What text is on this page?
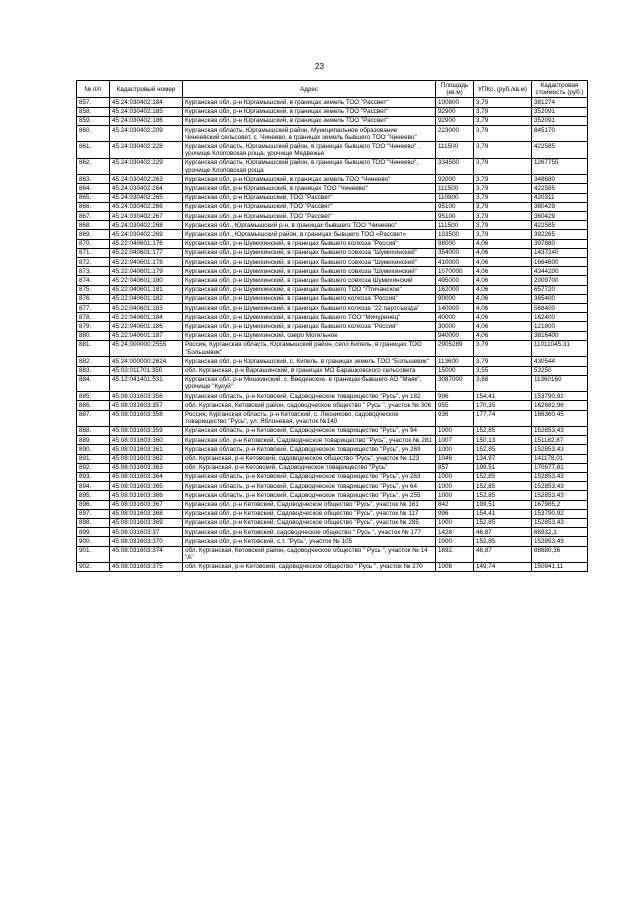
23
№ п/п	Кадастровый номер	Адрес	Площадь (кв.м)	УПКс. (руб./кв.м)	Кадастровая стоимость (руб.)
857.	45:24:030402:184	Курганская обл, р-н Юргамышский, в границах земель ТОО "Рассвет"	100800	3,79	381274
858.	45:24:030402:185	Курганская обл, р-н Юргамышский, в границах земель ТОО "Рассвет"	92900	3,79	352091
859.	45:24:030402:186	Курганская обл, р-н Юргамышский, в границах земель ТОО "Рассвет"	92900	3,79	352091
860.	45:24:030402:209	Курганская область, Юргамышский район, Муниципальное образование Чинеевский сельсовет, с. Чинеево, в границах земель бывшего ТОО "Чинеево"	223000	3,79	845170
861.	45:24:030402:228	Курганская область, Юргамышский район, в границах бывшего ТОО "Чинеево" , урочище Клоповская роща, урочище Медвежье	111500	3,79	422585
862.	45:24:030402:229	Курганская область, Юргамышский район, в границах бывшего ТОО "Чинеево", урочище Клоповская роща	334500	3,79	1267755
863.	45:24:030402:263	Курганская обл, р-н Юргамышский, в границах земель ТОО "Чинеево"	92000	3,79	348680
864.	45:24:030402:264	Курганская обл, р-н Юргамышский, в границах ТОО "Чинеево"	111500	3,79	422585
865.	45:24:030402:265	Курганская обл, р-н Юргамышский, ТОО "Рассвет"	110900	3,79	420311
866.	45:24:030402:266	Курганская обл, р-н Юргамышский, ТОО "Рассвет"	95100	3,79	360429
867.	45:24:030402:267	Курганская обл, р-н Юргамышский, ТОО "Рассвет"	95100	3,79	360429
868.	45:24:030402:268	Курганская обл., Юргамышский р-н, в границах бывшего ТОО "Чинеево"	111500	3,79	422585
869.	45:24:030402:269	Курганская обл., Юргамышский район, в границах бывшего ТОО «Рассвет»	103500	3,79	392265
870.	45:22:040601:176	Курганская обл, р-н Шумихинский, в границах бывшего колхоза "Россия"	98000	4,06	397880
871.	45:22:040601:177	Курганская обл, р-н Шумихинский, в границах бывшего совхоза "Шумихинский"	354000	4,06	1437240
872.	45:22:040601:178	Курганская обл, р-н Шумихинский, в границах бывшего совхоза "Шумихинский"	410000	4,06	1664600
873.	45:22:040601:179	Курганская обл, р-н Шумихинский, в границах бывшего совхоза "Шумихинский"	1070000	4,06	4344200
874.	45:22:040601:180	Курганская обл, р-н Шумихинский, в границах бывшего совхоза Шумихинский	495000	4,06	2009700
875.	45:22:040601:181	Курганская обл, р-н Шумихинский, в границах бывшего ТОО "Птичанское"	162000	4,06	657720
876.	45:22:040601:182	Курганская обл, р-н Шумихинский, в границах бывшего колхоза "Россия"	90000	4,06	365400
877.	45:22:040601:183	Курганская обл, р-н Шумихинский, в границах бывшего колхоза "22 партсъезда"	140000	4,06	568400
878.	45:22:040601:184	Курганская обл, р-н Шумихинский, в границах бывшего ТОО "Мичуринец"	40000	4,06	162400
879.	45:22:040601:186	Курганская обл, р-н Шумихинский, в границах бывшего колхоза "Россия"	30000	4,06	121800
880.	45:22:040601:187	Курганская обл, р-н Шумихинский, озеро Могильное	940000	4,06	3816400
881.	45:24:000000:2555	Россия, Курганская область, Юргамышский район, село Кипель, в границах ТОО "Большевик"	2905289	3,79	11011045,31
882.	45:24:000000:2624	Курганская обл, р-н Юргамышский, с. Кипель, в границах земель ТОО "Большевик"	113600	3,79	430544
883.	45:03:011701:350	обл. Курганская, р-н Варгашинский, в границах МО Барашковского сельсовета	15000	3,55	53250
884.	45:12:041401:531	Курганская обл, р-н Мишкинский, с. Введенское, в границах бывшего АО "Маяк", урочище "Кукуй"	3087000	3,68	11360160
885.	45:08:031603:356	Курганская область, р-н Кетовский, Садоводческое товарищество "Русь", уч 182	996	154,41	153790,92
886.	45:08:031603:357	обл. Курганская, Кетовский район, садоводческое общество " Русь ", участок № 306	955	170,35	162682,96
887.	45:08:031603:358	Россия, Курганская область, р-н Кетовский, с. Лесниково, садоводческое товарищество "Русь", ул. Яблоневая, участок №140	936	177,74	166360,45
888.	45:08:031603:359	Курганская область, р-н Кетовский, Садоводческое товарищество "Русь", уч 94	1000	152,85	152853,43
889.	45:08:031603:360	Курганская обл, р-н Кетовский, Садоводческое товарищество "Русь", участок № 281	1007	150,13	151182,87
890.	45:08:031603:361	Курганская область, р-н Кетовский, Садоводческое товарищество "Русь", уч 269	1000	152,85	152853,43
891.	45:08:031603:362	обл. Курганская, р-н Кетовский, садоводческое общество "Русь", участок № 123	1046	134,97	141178,01
892.	45:08:031603:363	обл. Курганская, р-н Кетовский, Садоводческое товарищество "Русь"	857	199,51	170977,81
893.	45:08:031603:364	Курганская область, р-н Кетовский, Садоводческое товарищество "Русь", уч 263	1000	152,85	152853,43
894.	45:08:031603:365	Курганская область, р-н Кетовский, Садоводческое товарищество "Русь", уч 64	1000	152,85	152853,43
895.	45:08:031603:366	Курганская область, р-н Кетовский, Садоводческое товарищество "Русь", уч 255	1000	152,85	152853,43
896.	45:08:031603:367	Курганская обл, р-н Кетовский, Садоводческое общество "Русь", участок № 161	842	199,51	167985,2
897.	45:08:031603:368	Курганская обл, р-н Кетовский, Садоводческое общество "Русь", участок № 117	996	154,41	153790,92
898.	45:08:031603:369	Курганская обл, р-н Кетовский, Садоводческое общество "Русь", участок № 285	1000	152,85	152853,43
899.	45:08:031603:37	Курганская обл, р-н Кетовский, садоводческое общество " Русь ", участок № 177	1428	46,87	66932,1
900.	45:08:031603:370	Курганская обл, р-н Кетовский, с.т. "Русь", участок № 105	1000	152,85	152853,43
901.	45:08:031603:374	обл. Курганская, Кетовский район, садоводческое общество " Русь ", участок № 14 "А"	1892	46,87	88680,36
902.	45:08:031603:375	обл. Курганская, р-н Кетовский, садоводческое общество " Русь ", участок № 270	1008	149,74	150941,11
